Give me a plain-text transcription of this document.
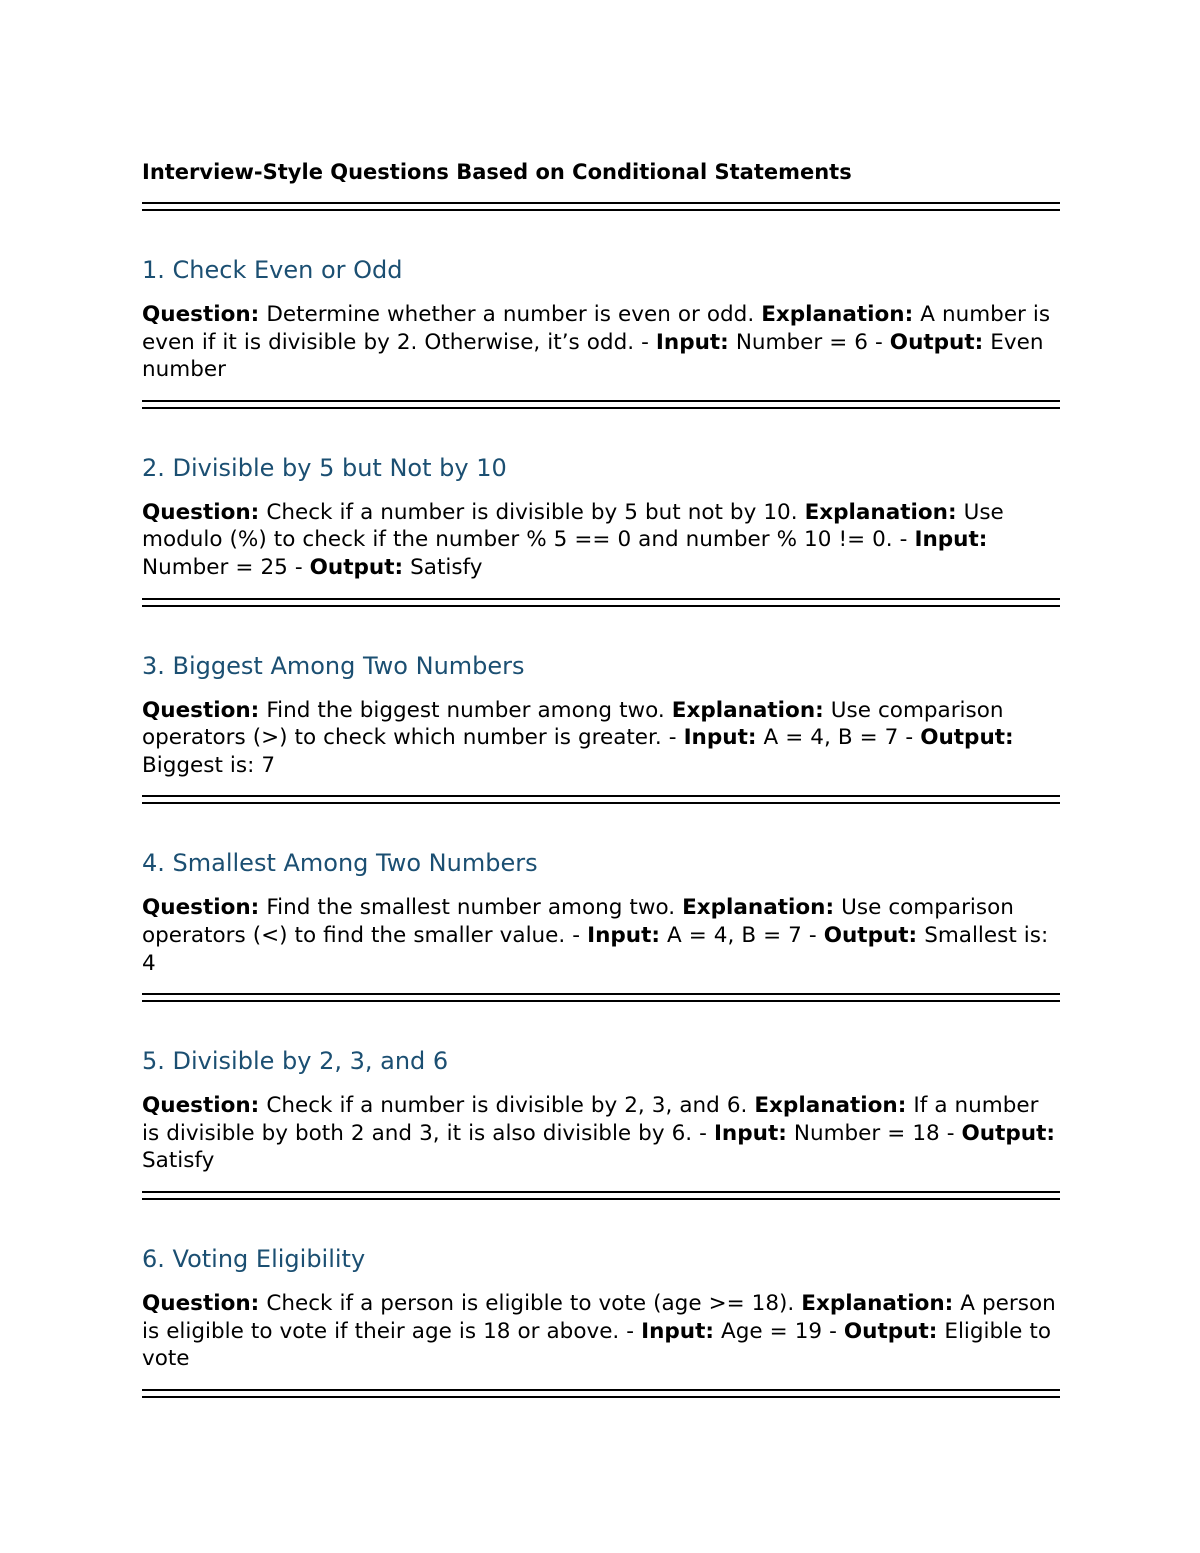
Interview-Style Questions Based on Conditional Statements
1. Check Even or Odd

Question: Determine whether a number is even or odd. Explanation: A number is even if it is divisible by 2. Otherwise, it’s odd. - Input: Number = 6 - Output: Even number

2. Divisible by 5 but Not by 10

Question: Check if a number is divisible by 5 but not by 10. Explanation: Use modulo (%) to check if the number % 5 == 0 and number % 10 != 0. - Input: Number = 25 - Output: Satisfy

3. Biggest Among Two Numbers

Question: Find the biggest number among two. Explanation: Use comparison operators (>) to check which number is greater. - Input: A = 4, B = 7 - Output: Biggest is: 7

4. Smallest Among Two Numbers

Question: Find the smallest number among two. Explanation: Use comparison operators (<) to find the smaller value. - Input: A = 4, B = 7 - Output: Smallest is: 4

5. Divisible by 2, 3, and 6

Question: Check if a number is divisible by 2, 3, and 6. Explanation: If a number is divisible by both 2 and 3, it is also divisible by 6. - Input: Number = 18 - Output: Satisfy

6. Voting Eligibility

Question: Check if a person is eligible to vote (age >= 18). Explanation: A person is eligible to vote if their age is 18 or above. - Input: Age = 19 - Output: Eligible to vote
